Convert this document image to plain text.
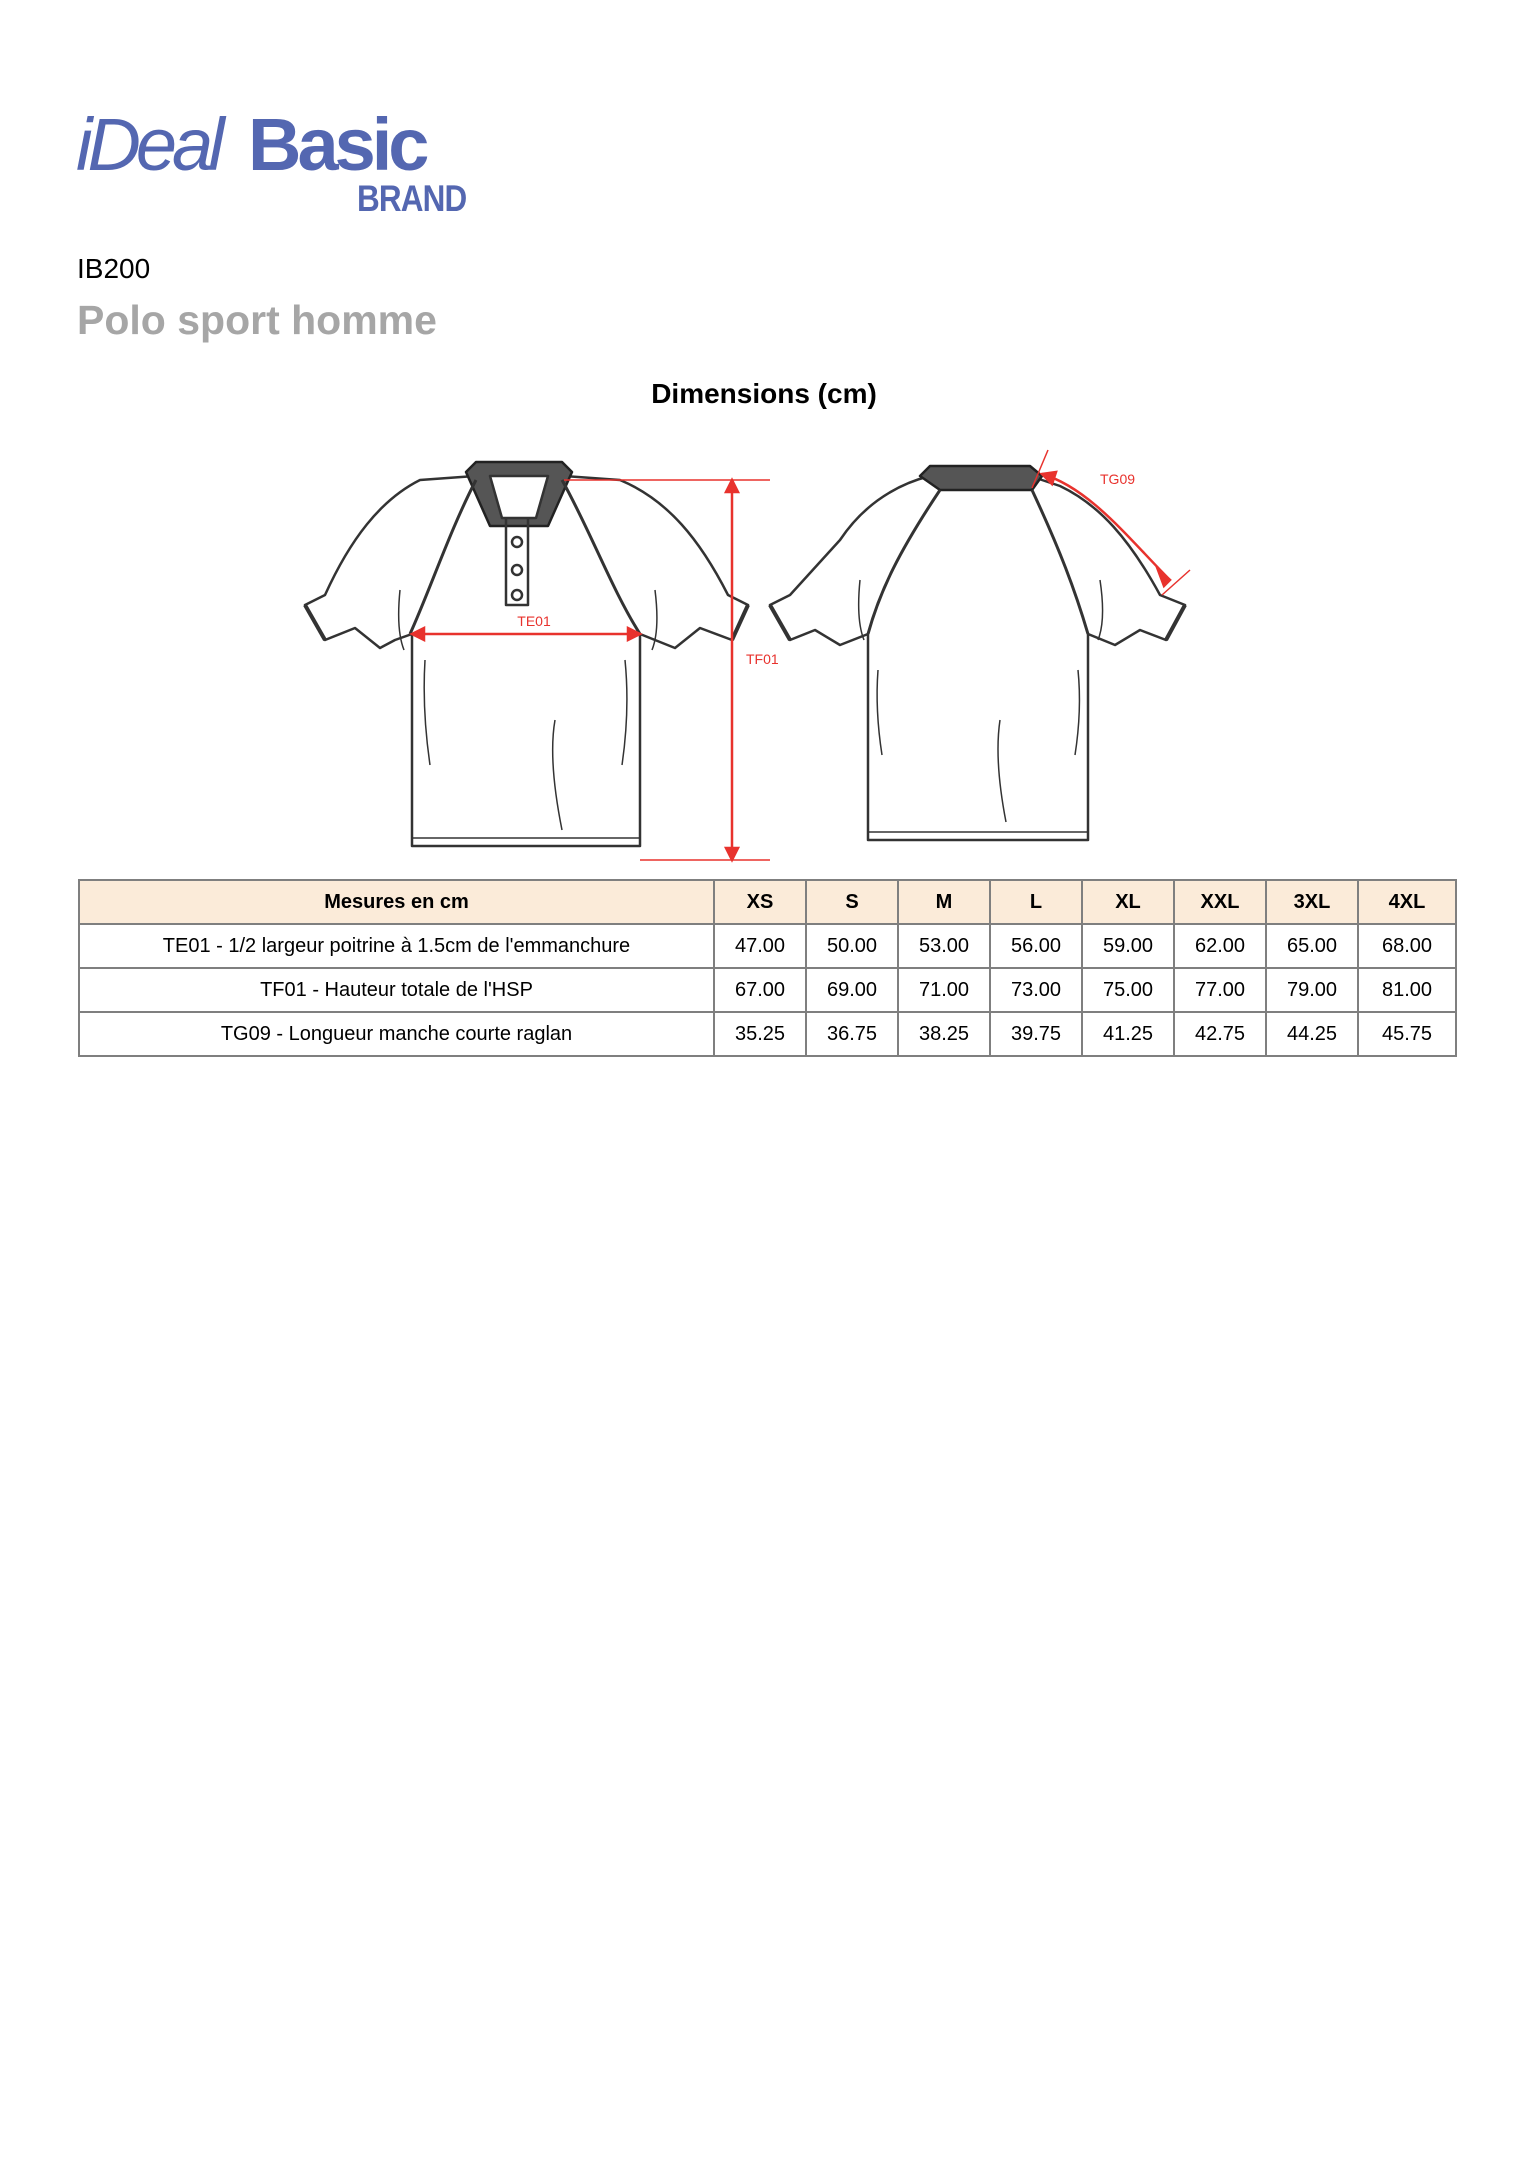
iDeal Basic
BRAND
IB200
Polo sport homme
Dimensions (cm)
TE01
TF01
TG09
Mesures en cm	XS	S	M	L	XL	XXL	3XL	4XL
TE01 - 1/2 largeur poitrine à 1.5cm de l'emmanchure	47.00	50.00	53.00	56.00	59.00	62.00	65.00	68.00
TF01 - Hauteur totale de l'HSP	67.00	69.00	71.00	73.00	75.00	77.00	79.00	81.00
TG09 - Longueur manche courte raglan	35.25	36.75	38.25	39.75	41.25	42.75	44.25	45.75
